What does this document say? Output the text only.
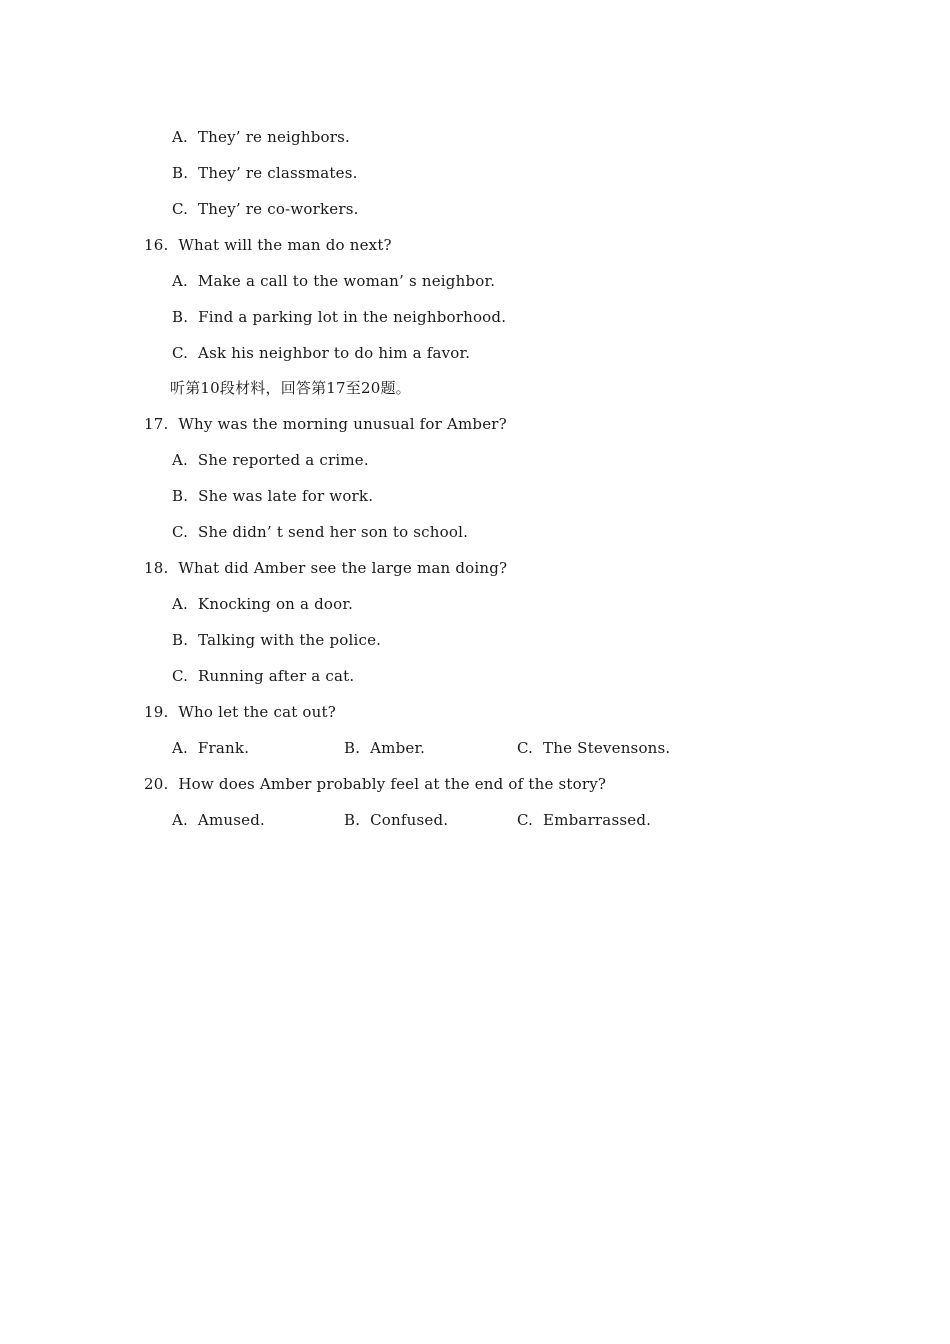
A.  They’ re neighbors.
B.  They’ re classmates.
C.  They’ re co-workers.
16.  What will the man do next?
A.  Make a call to the woman’ s neighbor.
B.  Find a parking lot in the neighborhood.
C.  Ask his neighbor to do him a favor.
听第10段材料，回答第17至20题。
17.  Why was the morning unusual for Amber?
A.  She reported a crime.
B.  She was late for work.
C.  She didn’ t send her son to school.
18.  What did Amber see the large man doing?
A.  Knocking on a door.
B.  Talking with the police.
C.  Running after a cat.
19.  Who let the cat out?
A.  Frank.	B.  Amber.	C.  The Stevensons.
20.  How does Amber probably feel at the end of the story?
A.  Amused.	B.  Confused.	C.  Embarrassed.
